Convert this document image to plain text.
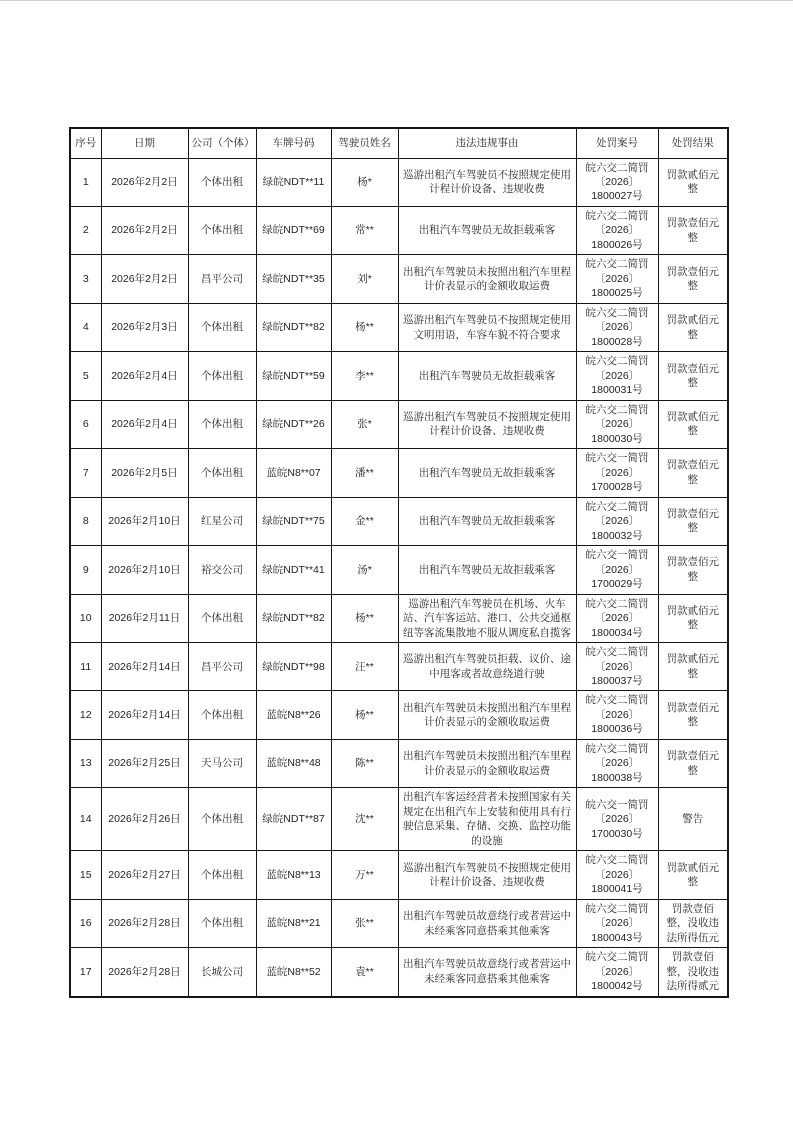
序号	日期	公司（个体）	车牌号码	驾驶员姓名	违法违规事由	处罚案号	处罚结果
1	2026年2月2日	个体出租	绿皖NDT**11	杨*	巡游出租汽车驾驶员不按照规定使用计程计价设备、违规收费	皖六交二简罚〔2026〕1800027号	罚款贰佰元整
2	2026年2月2日	个体出租	绿皖NDT**69	常**	出租汽车驾驶员无故拒载乘客	皖六交二简罚〔2026〕1800026号	罚款壹佰元整
3	2026年2月2日	昌平公司	绿皖NDT**35	刘*	出租汽车驾驶员未按照出租汽车里程计价表显示的金额收取运费	皖六交二简罚〔2026〕1800025号	罚款壹佰元整
4	2026年2月3日	个体出租	绿皖NDT**82	杨**	巡游出租汽车驾驶员不按照规定使用文明用语，车容车貌不符合要求	皖六交二简罚〔2026〕1800028号	罚款贰佰元整
5	2026年2月4日	个体出租	绿皖NDT**59	李**	出租汽车驾驶员无故拒载乘客	皖六交二简罚〔2026〕1800031号	罚款壹佰元整
6	2026年2月4日	个体出租	绿皖NDT**26	张*	巡游出租汽车驾驶员不按照规定使用计程计价设备、违规收费	皖六交二简罚〔2026〕1800030号	罚款贰佰元整
7	2026年2月5日	个体出租	蓝皖N8**07	潘**	出租汽车驾驶员无故拒载乘客	皖六交一简罚〔2026〕1700028号	罚款壹佰元整
8	2026年2月10日	红星公司	绿皖NDT**75	金**	出租汽车驾驶员无故拒载乘客	皖六交二简罚〔2026〕1800032号	罚款壹佰元整
9	2026年2月10日	裕交公司	绿皖NDT**41	汤*	出租汽车驾驶员无故拒载乘客	皖六交一简罚〔2026〕1700029号	罚款壹佰元整
10	2026年2月11日	个体出租	绿皖NDT**82	杨**	巡游出租汽车驾驶员在机场、火车站、汽车客运站、港口、公共交通枢纽等客流集散地不服从调度私自揽客	皖六交二简罚〔2026〕1800034号	罚款贰佰元整
11	2026年2月14日	昌平公司	绿皖NDT**98	汪**	巡游出租汽车驾驶员拒载、议价、途中甩客或者故意绕道行驶	皖六交二简罚〔2026〕1800037号	罚款贰佰元整
12	2026年2月14日	个体出租	蓝皖N8**26	杨**	出租汽车驾驶员未按照出租汽车里程计价表显示的金额收取运费	皖六交二简罚〔2026〕1800036号	罚款壹佰元整
13	2026年2月25日	天马公司	蓝皖N8**48	陈**	出租汽车驾驶员未按照出租汽车里程计价表显示的金额收取运费	皖六交二简罚〔2026〕1800038号	罚款壹佰元整
14	2026年2月26日	个体出租	绿皖NDT**87	沈**	出租汽车客运经营者未按照国家有关规定在出租汽车上安装和使用具有行驶信息采集、存储、交换、监控功能的设施	皖六交一简罚〔2026〕1700030号	警告
15	2026年2月27日	个体出租	蓝皖N8**13	万**	巡游出租汽车驾驶员不按照规定使用计程计价设备、违规收费	皖六交二简罚〔2026〕1800041号	罚款贰佰元整
16	2026年2月28日	个体出租	蓝皖N8**21	张**	出租汽车驾驶员故意绕行或者营运中未经乘客同意搭乘其他乘客	皖六交二简罚〔2026〕1800043号	罚款壹佰整，没收违法所得伍元
17	2026年2月28日	长城公司	蓝皖N8**52	袁**	出租汽车驾驶员故意绕行或者营运中未经乘客同意搭乘其他乘客	皖六交二简罚〔2026〕1800042号	罚款壹佰整，没收违法所得贰元
